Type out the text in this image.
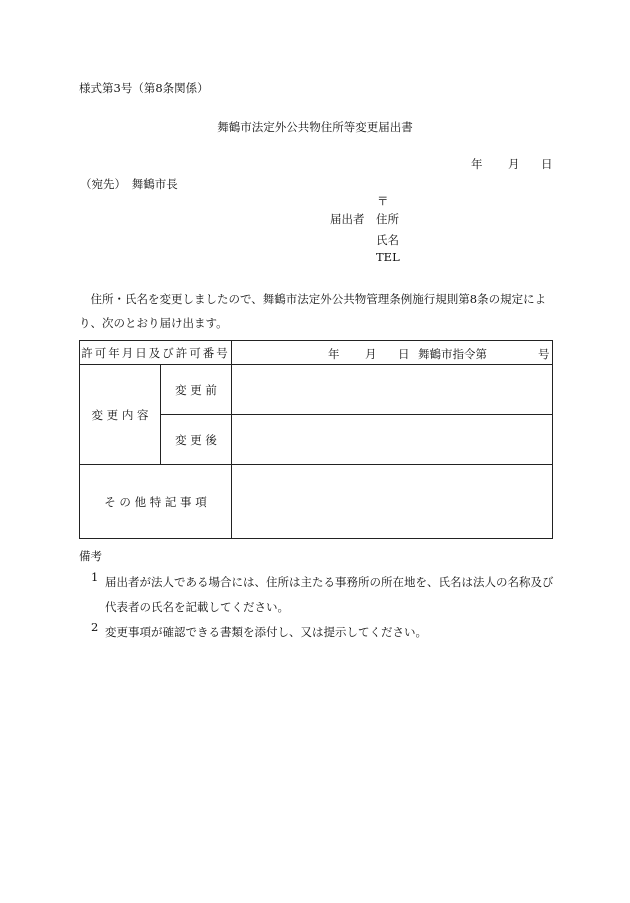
様式第3号（第8条関係）
舞鶴市法定外公共物住所等変更届出書
年 月 日
（宛先）　舞鶴市長
〒
届出者 住所
氏名
TEL
　住所・氏名を変更しましたので、舞鶴市法定外公共物管理条例施行規則第8条の規定により、次のとおり届け出ます。
許可年月日及び許可番号		年 月 日 舞鶴市指令第 号

変 更 内 容	変 更 前	
	変 更 後	
そ の 他 特 記 事 項		
備考
1 届出者が法人である場合には、住所は主たる事務所の所在地を、氏名は法人の名称及び代表者の氏名を記載してください。
2 変更事項が確認できる書類を添付し、又は提示してください。
